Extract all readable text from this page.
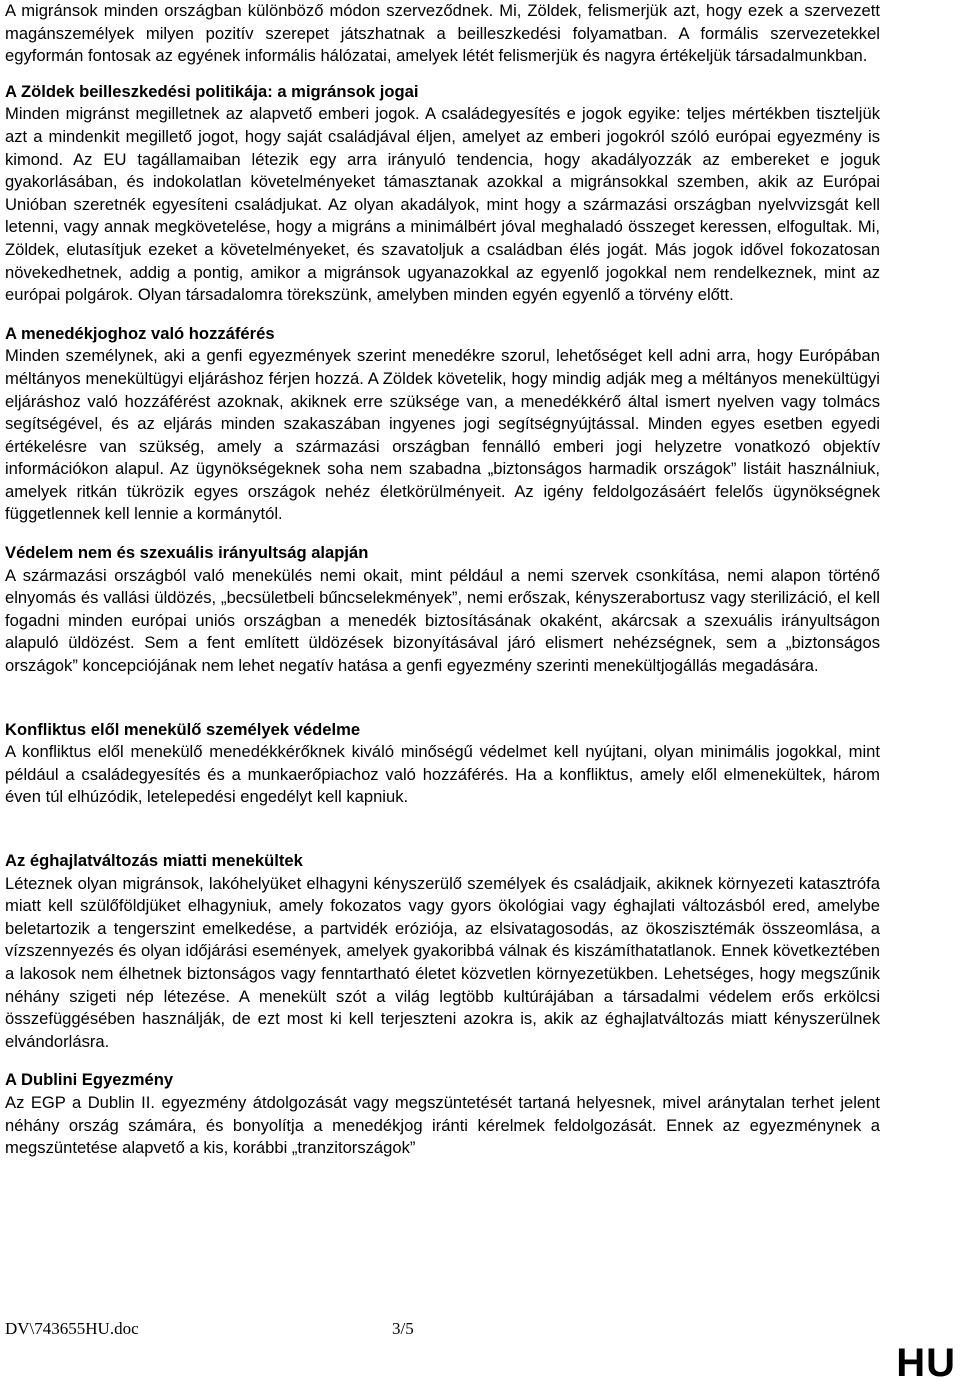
A migránsok minden országban különböző módon szerveződnek. Mi, Zöldek, felismerjük azt, hogy ezek a szervezett magánszemélyek milyen pozitív szerepet játszhatnak a beilleszkedési folyamatban. A formális szervezetekkel egyformán fontosak az egyének informális hálózatai, amelyek létét felismerjük és nagyra értékeljük társadalmunkban.

A Zöldek beilleszkedési politikája: a migránsok jogai

Minden migránst megilletnek az alapvető emberi jogok. A családegyesítés e jogok egyike: teljes mértékben tiszteljük azt a mindenkit megillető jogot, hogy saját családjával éljen, amelyet az emberi jogokról szóló európai egyezmény is kimond. Az EU tagállamaiban létezik egy arra irányuló tendencia, hogy akadályozzák az embereket e joguk gyakorlásában, és indokolatlan követelményeket támasztanak azokkal a migránsokkal szemben, akik az Európai Unióban szeretnék egyesíteni családjukat. Az olyan akadályok, mint hogy a származási országban nyelvvizsgát kell letenni, vagy annak megkövetelése, hogy a migráns a minimálbért jóval meghaladó összeget keressen, elfogultak. Mi, Zöldek, elutasítjuk ezeket a követelményeket, és szavatoljuk a családban élés jogát. Más jogok idővel fokozatosan növekedhetnek, addig a pontig, amikor a migránsok ugyanazokkal az egyenlő jogokkal nem rendelkeznek, mint az európai polgárok. Olyan társadalomra törekszünk, amelyben minden egyén egyenlő a törvény előtt.

A menedékjoghoz való hozzáférés

Minden személynek, aki a genfi egyezmények szerint menedékre szorul, lehetőséget kell adni arra, hogy Európában méltányos menekültügyi eljáráshoz férjen hozzá. A Zöldek követelik, hogy mindig adják meg a méltányos menekültügyi eljáráshoz való hozzáférést azoknak, akiknek erre szüksége van, a menedékkérő által ismert nyelven vagy tolmács segítségével, és az eljárás minden szakaszában ingyenes jogi segítségnyújtással. Minden egyes esetben egyedi értékelésre van szükség, amely a származási országban fennálló emberi jogi helyzetre vonatkozó objektív információkon alapul. Az ügynökségeknek soha nem szabadna „biztonságos harmadik országok” listáit használniuk, amelyek ritkán tükrözik egyes országok nehéz életkörülményeit. Az igény feldolgozásáért felelős ügynökségnek függetlennek kell lennie a kormánytól.

Védelem nem és szexuális irányultság alapján

A származási országból való menekülés nemi okait, mint például a nemi szervek csonkítása, nemi alapon történő elnyomás és vallási üldözés, „becsületbeli bűncselekmények”, nemi erőszak, kényszerabortusz vagy sterilizáció, el kell fogadni minden európai uniós országban a menedék biztosításának okaként, akárcsak a szexuális irányultságon alapuló üldözést. Sem a fent említett üldözések bizonyításával járó elismert nehézségnek, sem a „biztonságos országok” koncepciójának nem lehet negatív hatása a genfi egyezmény szerinti menekültjogállás megadására.

Konfliktus elől menekülő személyek védelme

A konfliktus elől menekülő menedékkérőknek kiváló minőségű védelmet kell nyújtani, olyan minimális jogokkal, mint például a családegyesítés és a munkaerőpiachoz való hozzáférés. Ha a konfliktus, amely elől elmenekültek, három éven túl elhúzódik, letelepedési engedélyt kell kapniuk.

Az éghajlatváltozás miatti menekültek

Léteznek olyan migránsok, lakóhelyüket elhagyni kényszerülő személyek és családjaik, akiknek környezeti katasztrófa miatt kell szülőföldjüket elhagyniuk, amely fokozatos vagy gyors ökológiai vagy éghajlati változásból ered, amelybe beletartozik a tengerszint emelkedése, a partvidék eróziója, az elsivatagosodás, az ökoszisztémák összeomlása, a vízszennyezés és olyan időjárási események, amelyek gyakoribbá válnak és kiszámíthatatlanok. Ennek következtében a lakosok nem élhetnek biztonságos vagy fenntartható életet közvetlen környezetükben. Lehetséges, hogy megszűnik néhány szigeti nép létezése. A menekült szót a világ legtöbb kultúrájában a társadalmi védelem erős erkölcsi összefüggésében használják, de ezt most ki kell terjeszteni azokra is, akik az éghajlatváltozás miatt kényszerülnek elvándorlásra.

A Dublini Egyezmény

Az EGP a Dublin II. egyezmény átdolgozását vagy megszüntetését tartaná helyesnek, mivel aránytalan terhet jelent néhány ország számára, és bonyolítja a menedékjog iránti kérelmek feldolgozását. Ennek az egyezménynek a megszüntetése alapvető a kis, korábbi „tranzitországok”

DV\743655HU.doc	3/5
HU
